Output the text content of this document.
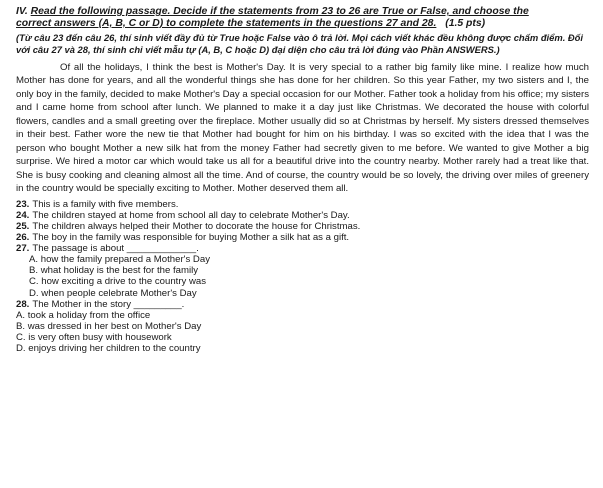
IV. Read the following passage. Decide if the statements from 23 to 26 are True or False, and choose the
correct answers (A, B, C or D) to complete the statements in the questions 27 and 28. (1.5 pts)

(Từ câu 23 đến câu 26, thí sinh viết đầy đủ từ True hoặc False vào ô trả lời. Mọi cách viết khác đều không được chấm điểm. Đối với câu 27 và 28, thí sinh chỉ viết mẫu tự (A, B, C hoặc D) đại diện cho câu trả lời đúng vào Phần ANSWERS.)

Of all the holidays, I think the best is Mother's Day. It is very special to a rather big family like mine. I realize how much Mother has done for years, and all the wonderful things she has done for her children. So this year Father, my two sisters and I, the only boy in the family, decided to make Mother's Day a special occasion for our Mother. Father took a holiday from his office; my sisters and I came home from school after lunch. We planned to make it a day just like Christmas. We decorated the house with colorful flowers, candles and a small greeting over the fireplace. Mother usually did so at Christmas by herself. My sisters dressed themselves in their best. Father wore the new tie that Mother had bought for him on his birthday. I was so excited with the idea that I was the person who bought Mother a new silk hat from the money Father had secretly given to me before. We wanted to give Mother a big surprise. We hired a motor car which would take us all for a beautiful drive into the country nearby. Mother rarely had a treat like that. She is busy cooking and cleaning almost all the time. And of course, the country would be so lovely, the driving over miles of greenery in the country would be specially exciting to Mother. Mother deserved them all.

23. This is a family with five members.

24. The children stayed at home from school all day to celebrate Mother's Day.

25. The children always helped their Mother to docorate the house for Christmas.

26. The boy in the family was responsible for buying Mother a silk hat as a gift.

27. The passage is about _____________.

A. how the family prepared a Mother's Day

B. what holiday is the best for the family

C. how exciting a drive to the country was

D. when people celebrate Mother's Day

28. The Mother in the story _________.

A. took a holiday from the office

B. was dressed in her best on Mother's Day

C. is very often busy with housework

D. enjoys driving her children to the country
